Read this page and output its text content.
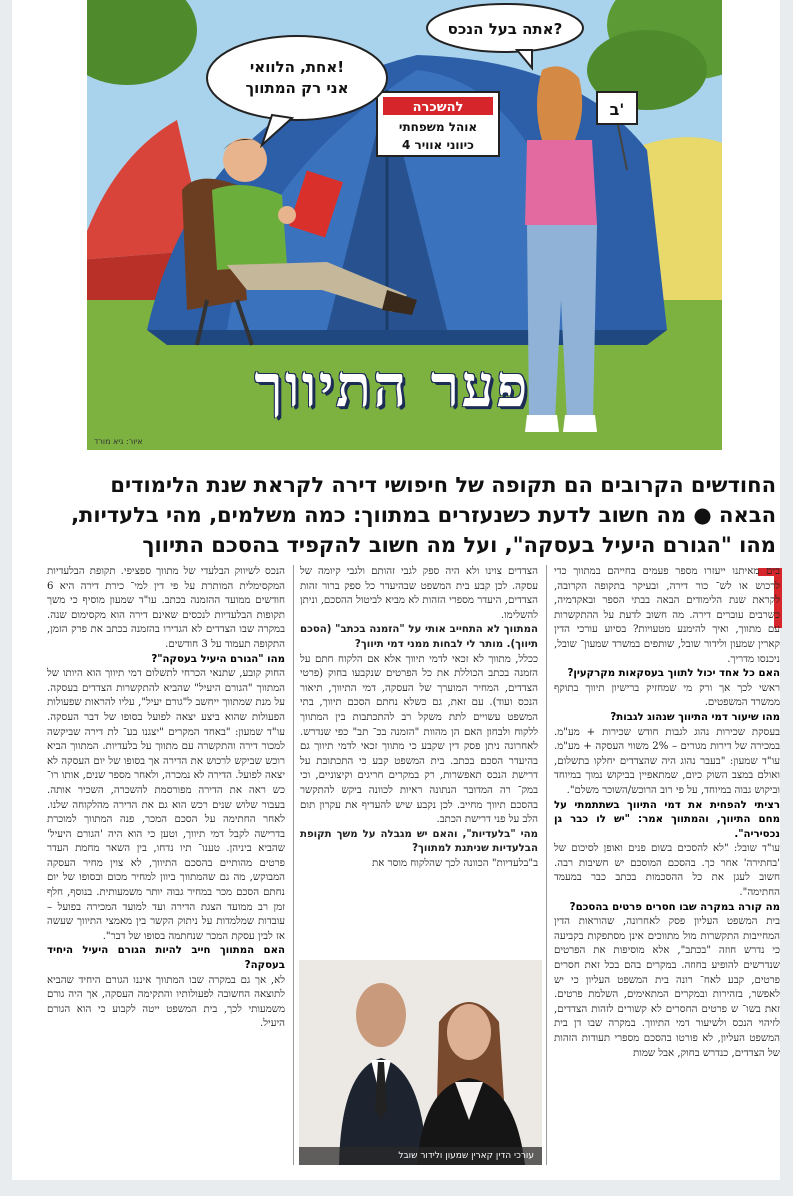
להשכרה
אוהל משפחתי
4 כיווני אוויר
ב'
אחת, הלוואי!
אני רק המתווך
אתה בעל הנכס?
פער התיווך
איור: גיא מורד
החודשים הקרובים הם תקופה של חיפושי דירה לקראת שנת הלימודים
הבאה ● מה חשוב לדעת כשנעזרים במתווך: כמה משלמים, מהי בלעדיות,
מהו "הגורם היעיל בעסקה", ועל מה חשוב להקפיד בהסכם התיווך

בים מאיתנו ייעזרו מספר פעמים בחייהם במתווך כדי לרכוש או לש־ כור דירה, ובעיקר בתקופה הקרובה, לקראת שנת הלימודים הבאה בבתי הספר ובאקדמיה, כשרבים עוברים דירה. מה חשוב לדעת על ההתקשרות עם מתווך, ואיך להימנע מטעויות? בסיוע עורכי הדין קארין שמעון ולידור שובל, שותפים במשרד שמעון־ שובל, ניכנסו מדריך.

האם כל אחד יכול לתווך בעסקאות מקרקעין?

ראשי לכך אך ורק מי שמחזיק ברישיון תיווך בתוקף ממשרד המשפטים.

מהו שיעור דמי התיווך שנהוג לגבות?

בעסקת שכירות נהוג לגבות חודש שכירות + מע"מ. במכירה של דירות מגורים – 2% משווי העסקה + מע"מ. עו"ד שמעון: "בעבר נהוג היה שהצדדים יחלקו בתשלום, ואולם במצב השוק כיום, שמתאפיין בביקוש נמוך במיוחד וביקוש גבוה במיוחד, על פי רוב הרוכש/השוכר משלם".

רציתי להפחית את דמי התיווך בשתתמתי על מחם התיווך, והמתווך אמר: "יש לו כבר גן נכסיריה".

עו"ד שובל: "לא להסכים בשום פנים ואופן לסיכום של 'בחתירה' אחר כך. בהסכם המוסכם יש חשיבות רבה. חשוב לעגן את כל ההסכמות בכתב כבר במעמד החתימה".

מה קורה במקרה שבו חסרים פרטים בהסכם?

בית המשפט העליון פסק לאחרונה, שהוראות הדין המחייבות התקשרות מול מתווכים אינן מסתפקות בקביעה כי נדרש חוזה "בכתב", אלא מוסיפות את הפרטים שנדרשים להופיע בחוזה. במקרים בהם בכל זאת חסרים פרטים, קבע לאח־ רונה בית המשפט העליון כי יש לאפשר, בזהירות ובמקרים המתאימים, השלמת פרטים. זאת בשו־ ש פרטים החסרים לא קשורים לזהות הצדדים, לזיהוי הנכס ולשיעור דמי התיווך. במקרה שבו דן בית המשפט העליון, לא פורטו בהסכם מספרי תעודות הזהות של הצדדים, כנדרש בחוק, אבל שמות

הצדדים צוינו ולא היה ספק לגבי זהותם ולגבי קיומה של עסקה. לכן קבע בית המשפט שבהיעדר כל ספק ברור זהות הצדדים, היעדר מספרי הזהות לא מביא לביטול ההסכם, וניתן להשלימו.

המתווך לא התחייב אותי על "הזמנה בכתב" (הסכם תיווך). מותר לי לבחות ממני דמי תיווך?

ככלל, מתווך לא זכאי לדמי תיווך אלא אם הלקוח חתם על הזמנה בכתב הכוללת את כל הפרטים שנקבעו בחוק (פרטי הצדדים, המחיר המוערך של העסקה, דמי התיווך, תיאור הנכס ועוד). עם זאת, גם כשלא נחתם הסכם תיווך, בתי המשפט עשויים לתת משקל רב להתכתבות בין המתווך ללקוח ולבחון האם הן מהוות "הזמנה בכ־ תב" כפי שנדרש. לאחרונה ניתן פסק דין שקבע כי מתווך זכאי לדמי תיווך גם בהיעדר הסכם בכתב. בית המשפט קבע כי התכתובת על דרישת הנכס תאפשרות, רק במקרים חריגים וקיצוניים, וכי במק־ רה המדובר הנתונה ראיות לכוונה ביקש להתקשר בהסכם תיווך מחייב. לכן נקבע שיש להעדיף את עקרון תום הלב על פני דרישת הכתב.

מהי "בלעדיות", והאם יש מגבלה על משך תקופת הבלעדיות שניתנת למתווך?

ב"בלעדיות" הכוונה לכך שהלקוח מוסר את

הנכס לשיווק הבלעדי של מתווך ספציפי. תקופת הבלעדיות המקסימלית המותרת על פי דין למי־ כירת דירה היא 6 חודשים ממועד ההזמנה בכתב. עו"ד שמעון מוסיף כי משך תקופות הבלעדיות לנכסים שאינם דירה הוא מקסימום שנה. במקרה שבו הצדדים לא הגדירו בהזמנה בכתב את פרק הזמן, התקופה תעמוד על 3 חודשים.

מהו "הגורם היעיל בעסקה"?

החוק קובע, שתנאי הכרחי לתשלום דמי תיווך הוא היותו של המתווך "הגורם היעיל" שהביא להתקשרות הצדדים בעסקה. על מנת שמתווך ייחשב ל"גורם יעיל", עליו להראות שפעולות הפעולות שהוא ביצע יצאה לפועל בסופו של דבר העסקה. עו"ד שמעון: "באחד המקרים "יצגנו בע־ לת דירה שביקשה למכור דירה והתקשרה עם מתווך על בלעדיות. המתווך הביא רוכש שביקש לרכוש את הדירה אך בסופו של יום העסקה לא יצאה לפועל. הדירה לא נמכרה, ולאחר מספר שנים, אותו רו־ כש ראה את הדירה מפורסמת להשכרה, השכיר אותה. בעבור שלוש שנים רכש הוא גם את הדירה מהלקוחה שלנו. לאחר החתימה על הסכם המכר, פנה המתווך למוכרת בדרישה לקבל דמי תיווך, וטען כי הוא היה 'הגורם היעיל' שהביא ביניהן. טענו־ תיו נדחו, בין השאר מחמת העדר פרטים מהותיים בהסכם התיווך, לא צוין מחיר העסקה המבוקש, מה גם שהמתווך ביוון למחיר מכום ובסופו של יום נחתם הסכם מכר במחיר גבוה יותר משמעותית. בנוסף, חלף זמן רב ממועד הצגת הדירה ועד למועד המכירה בפועל – עובדות שמלמדות על ניתוק הקשר בין מאמצי התיווך שעשה אז לבין עסקת המכר שנחתמה בסופו של דבר".

האם המתווך חייב להיות הגורם היעיל היחיד בעסקה?

לא, אך גם במקרה שבו המתווך איננו הגורם היחיד שהביא לתוצאה החשובה לפעולותיו והתקימה העסקה, אך היה גורם משמעותי לכך, בית המשפט ייטה לקבוע כי הוא הגורם היעיל.

עורכי הדין קארין שמעון ולידור שובל
